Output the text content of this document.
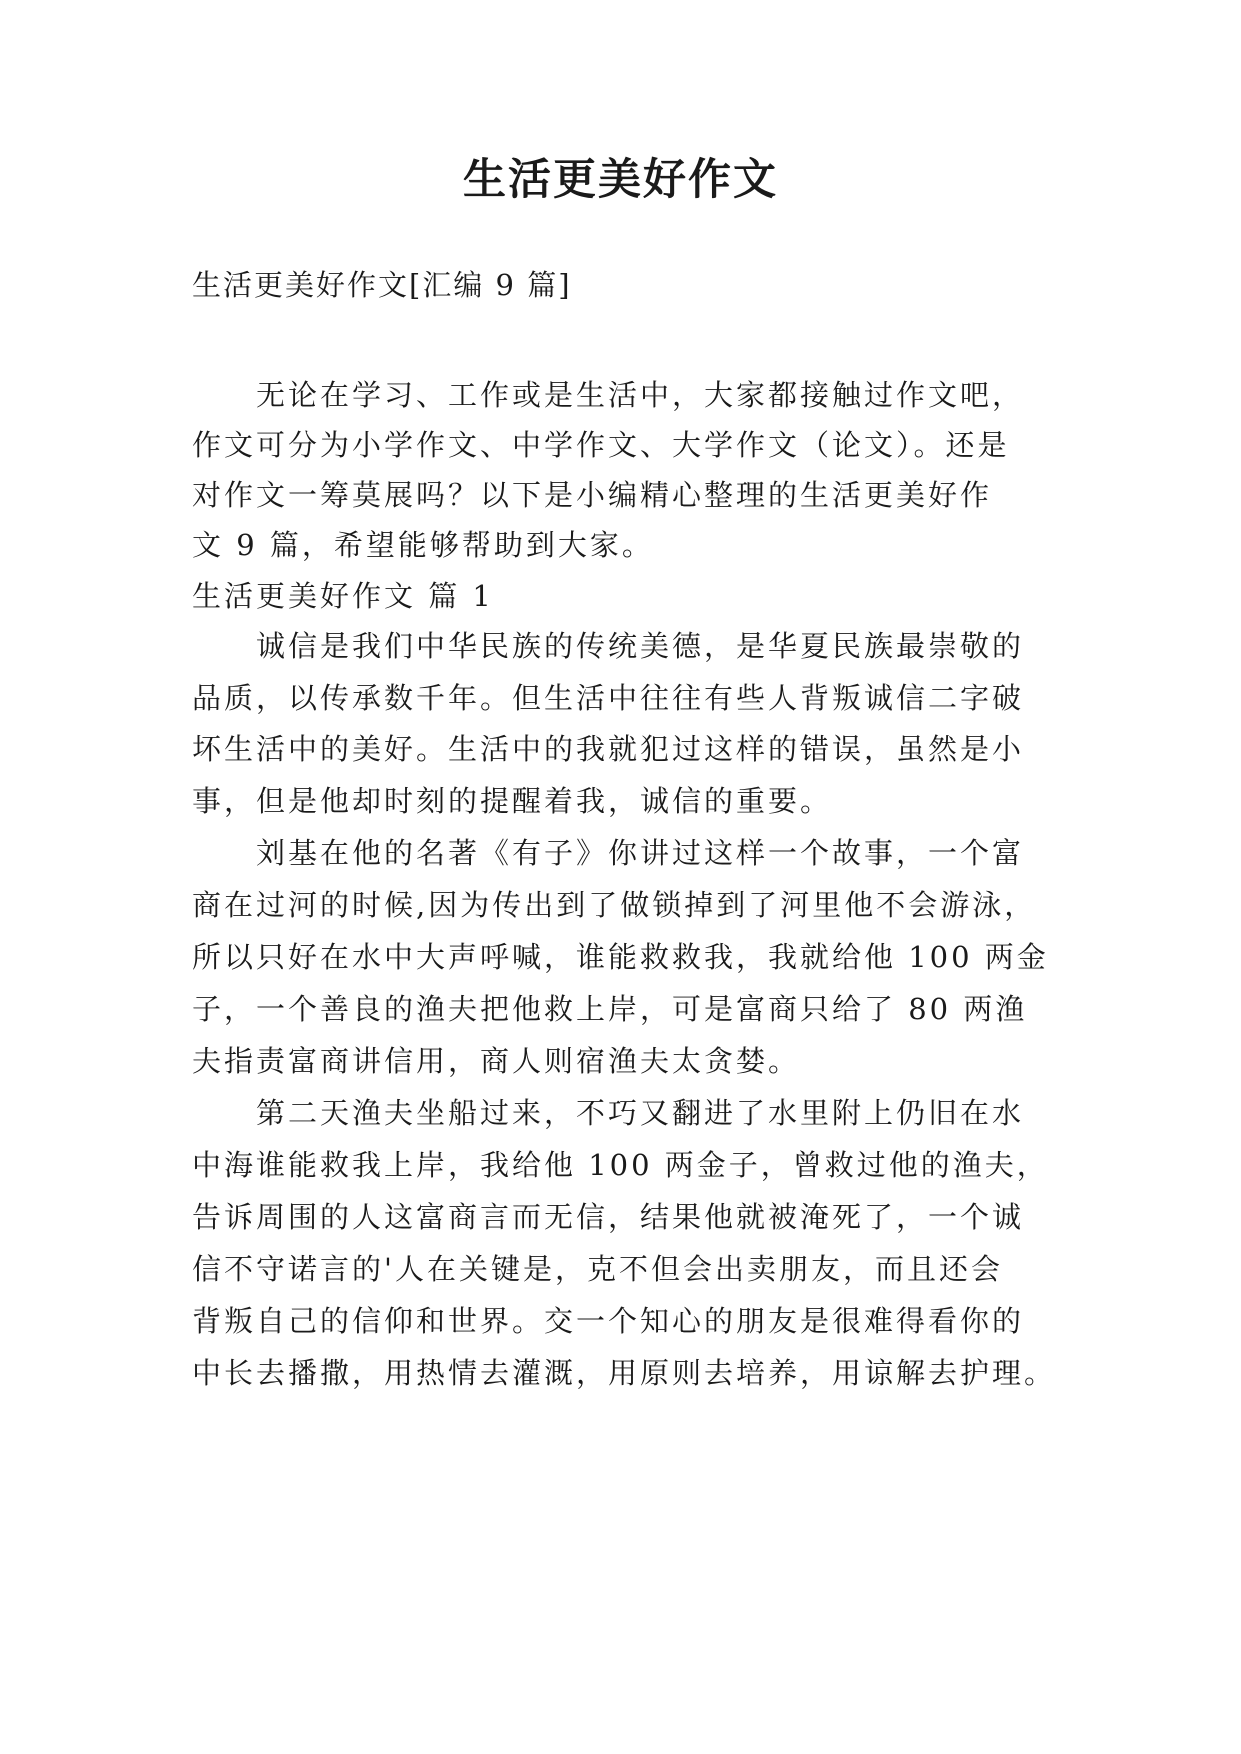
生活更美好作文

生活更美好作文[汇编 9 篇]

　　无论在学习、工作或是生活中，大家都接触过作文吧，

作文可分为小学作文、中学作文、大学作文（论文）。还是

对作文一筹莫展吗？以下是小编精心整理的生活更美好作

文 9 篇，希望能够帮助到大家。

生活更美好作文 篇 1

　　诚信是我们中华民族的传统美德，是华夏民族最崇敬的

品质，以传承数千年。但生活中往往有些人背叛诚信二字破

坏生活中的美好。生活中的我就犯过这样的错误，虽然是小

事，但是他却时刻的提醒着我，诚信的重要。

　　刘基在他的名著《有子》你讲过这样一个故事，一个富

商在过河的时候,因为传出到了做锁掉到了河里他不会游泳，

所以只好在水中大声呼喊，谁能救救我，我就给他 100 两金

子，一个善良的渔夫把他救上岸，可是富商只给了 80 两渔

夫指责富商讲信用，商人则宿渔夫太贪婪。

　　第二天渔夫坐船过来，不巧又翻进了水里附上仍旧在水

中海谁能救我上岸，我给他 100 两金子，曾救过他的渔夫，

告诉周围的人这富商言而无信，结果他就被淹死了，一个诚

信不守诺言的'人在关键是，克不但会出卖朋友，而且还会

背叛自己的信仰和世界。交一个知心的朋友是很难得看你的

中长去播撒，用热情去灌溉，用原则去培养，用谅解去护理。
